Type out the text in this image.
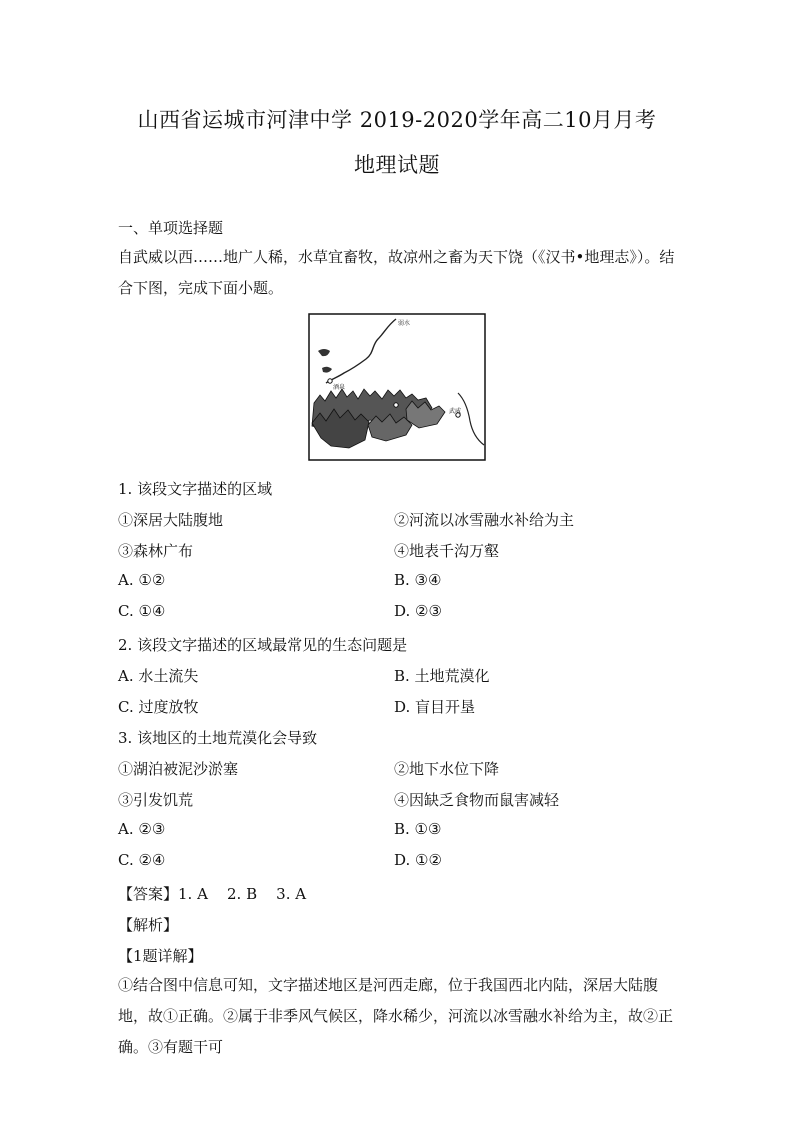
山西省运城市河津中学 2019-2020学年高二10月月考
地理试题
一、单项选择题
自武威以西……地广人稀，水草宜畜牧，故凉州之畜为天下饶（《汉书•地理志》）。结合下图，完成下面小题。
弱水
酒泉
武威
1. 该段文字描述的区域
①深居大陆腹地	②河流以冰雪融水补给为主
③森林广布	④地表千沟万壑
A. ①②	B. ③④
C. ①④	D. ②③
2. 该段文字描述的区域最常见的生态问题是
A. 水土流失	B. 土地荒漠化
C. 过度放牧	D. 盲目开垦
3. 该地区的土地荒漠化会导致
①湖泊被泥沙淤塞	②地下水位下降
③引发饥荒	④因缺乏食物而鼠害减轻
A. ②③	B. ①③
C. ②④	D. ①②
【答案】1. A    2. B    3. A
【解析】
【1题详解】
①结合图中信息可知，文字描述地区是河西走廊，位于我国西北内陆，深居大陆腹地，故①正确。②属于非季风气候区，降水稀少，河流以冰雪融水补给为主，故②正确。③有题干可
